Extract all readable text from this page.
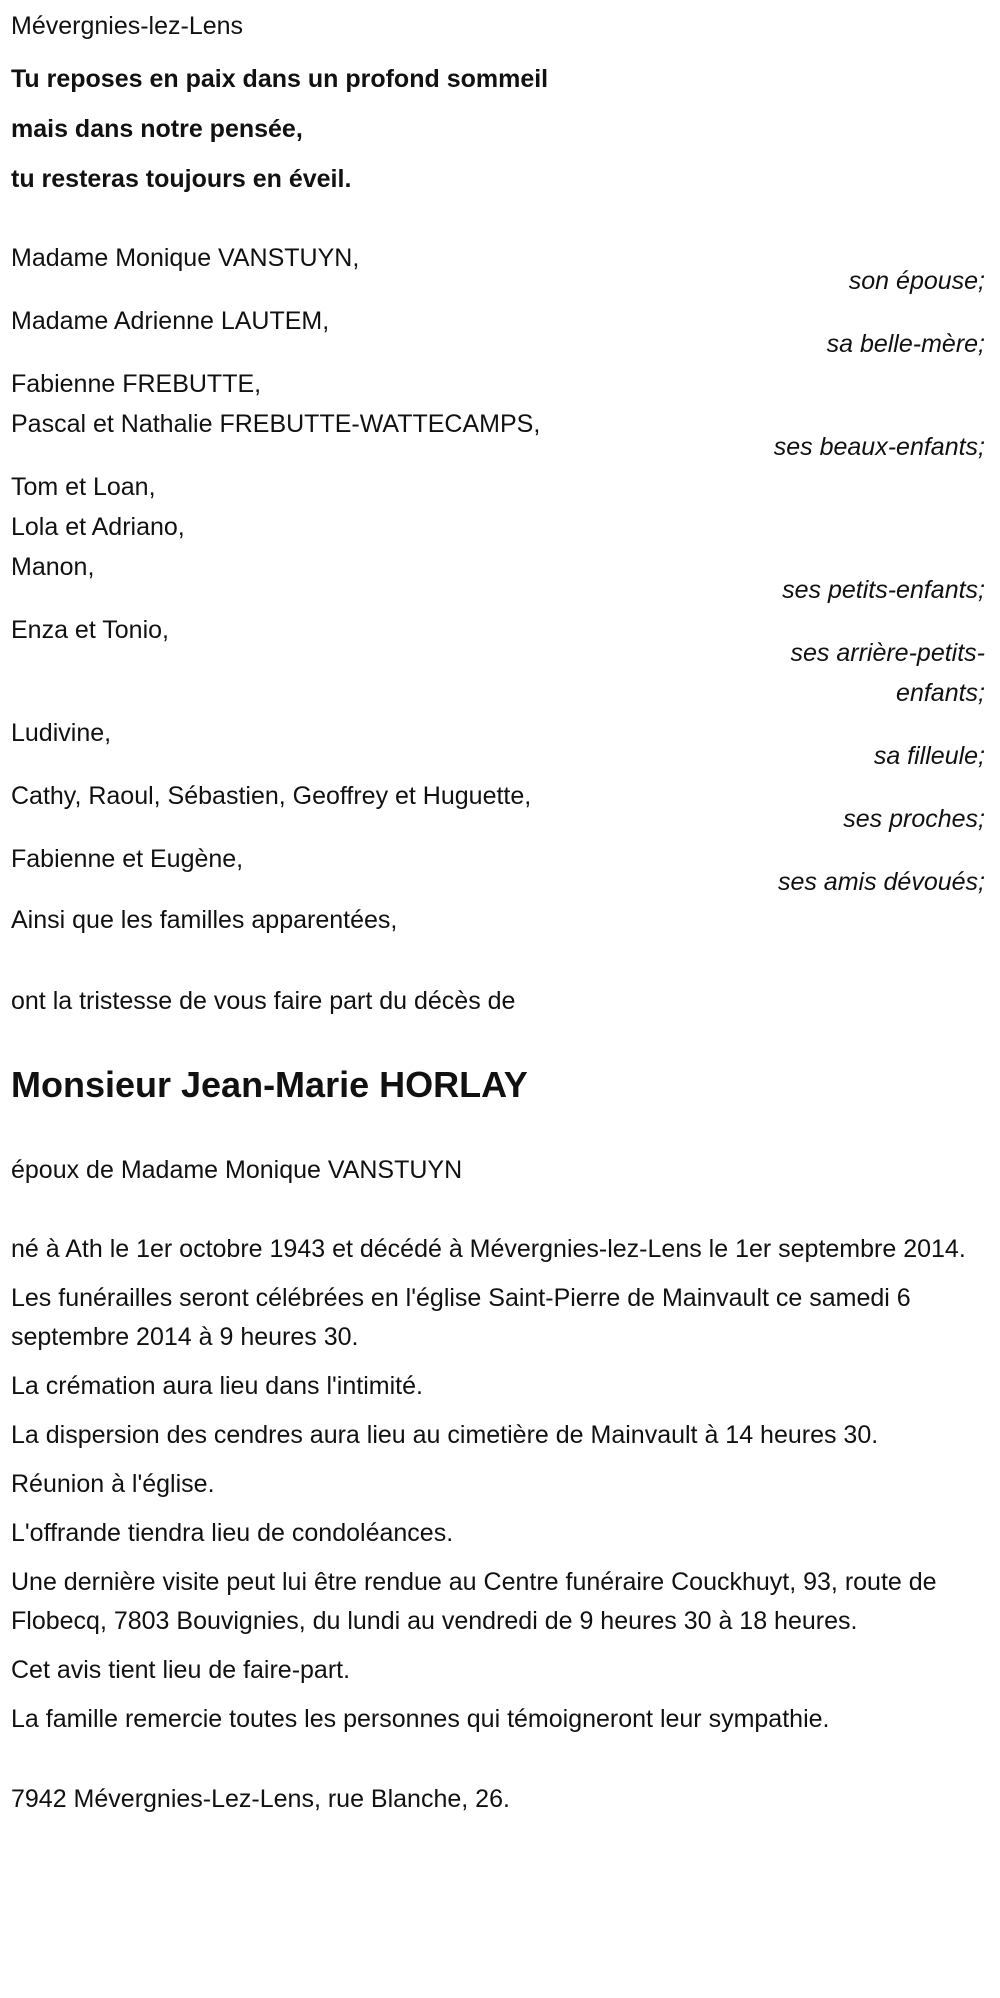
Mévergnies-lez-Lens
Tu reposes en paix dans un profond sommeil
mais dans notre pensée,
tu resteras toujours en éveil.
Madame Monique VANSTUYN,
son épouse;
Madame Adrienne LAUTEM,
sa belle-mère;
Fabienne FREBUTTE,
Pascal et Nathalie FREBUTTE-WATTECAMPS,
ses beaux-enfants;
Tom et Loan,
Lola et Adriano,
Manon,
ses petits-enfants;
Enza et Tonio,
ses arrière-petits-enfants;
Ludivine,
sa filleule;
Cathy, Raoul, Sébastien, Geoffrey et Huguette,
ses proches;
Fabienne et Eugène,
ses amis dévoués;
Ainsi que les familles apparentées,
ont la tristesse de vous faire part du décès de
Monsieur Jean-Marie HORLAY
époux de Madame Monique VANSTUYN

né à Ath le 1er octobre 1943 et décédé à Mévergnies-lez-Lens le 1er septembre 2014.

Les funérailles seront célébrées en l'église Saint-Pierre de Mainvault ce samedi 6 septembre 2014 à 9 heures 30.

La crémation aura lieu dans l'intimité.

La dispersion des cendres aura lieu au cimetière de Mainvault à 14 heures 30.

Réunion à l'église.

L'offrande tiendra lieu de condoléances.

Une dernière visite peut lui être rendue au Centre funéraire Couckhuyt, 93, route de Flobecq, 7803 Bouvignies, du lundi au vendredi de 9 heures 30 à 18 heures.

Cet avis tient lieu de faire-part.

La famille remercie toutes les personnes qui témoigneront leur sympathie.

7942 Mévergnies-Lez-Lens, rue Blanche, 26.
